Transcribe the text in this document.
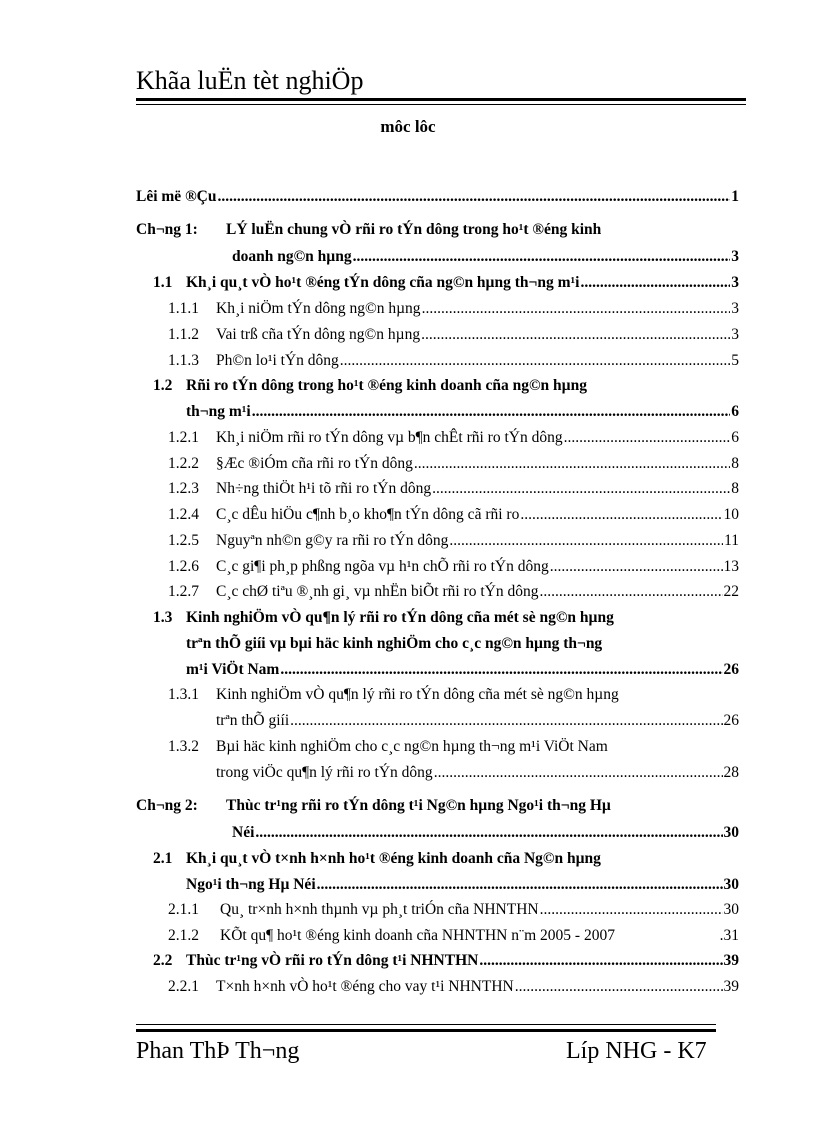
Khãa luËn tèt nghiÖp
môc lôc
Lêi më ®Çu .....	1
Ch¬ng 1:	LÝ luËn chung vÒ rñi ro tÝn dông trong ho¹t ®éng kinh
doanh ng©n hµng .....	3
1.1 Kh¸i qu¸t vÒ ho¹t ®éng tÝn dông cña ng©n hµng th¬ng m¹i .....	3
1.1.1	Kh¸i niÖm tÝn dông ng©n hµng .....	3
1.1.2	Vai trß cña tÝn dông ng©n hµng .....	3
1.1.3	Ph©n lo¹i tÝn dông .....	5
1.2 Rñi ro tÝn dông trong ho¹t ®éng kinh doanh cña ng©n hµng
th¬ng m¹i .....	6
1.2.1	Kh¸i niÖm rñi ro tÝn dông vµ b¶n chÊt rñi ro tÝn dông .....	6
1.2.2	§Æc ®iÓm cña rñi ro tÝn dông .....	8
1.2.3	Nh÷ng thiÖt h¹i tõ rñi ro tÝn dông .....	8
1.2.4	C¸c dÊu hiÖu c¶nh b¸o kho¶n tÝn dông cã rñi ro .....	10
1.2.5	Nguyªn nh©n g©y ra rñi ro tÝn dông .....	11
1.2.6	C¸c gi¶i ph¸p phßng ngõa vµ h¹n chÕ rñi ro tÝn dông .....	13
1.2.7	C¸c chØ tiªu ®¸nh gi¸ vµ nhËn biÕt rñi ro tÝn dông .....	22
1.3 Kinh nghiÖm vÒ qu¶n lý rñi ro tÝn dông cña mét sè ng©n hµng
trªn thÕ giíi vµ bµi häc kinh nghiÖm cho c¸c ng©n hµng th¬ng
m¹i ViÖt Nam .....	26
1.3.1	Kinh nghiÖm vÒ qu¶n lý rñi ro tÝn dông cña mét sè ng©n hµng
trªn thÕ giíi .....	26
1.3.2	Bµi häc kinh nghiÖm cho c¸c ng©n hµng th¬ng m¹i ViÖt Nam
trong viÖc qu¶n lý rñi ro tÝn dông .....	28
Ch¬ng 2:	Thùc tr¹ng rñi ro tÝn dông t¹i Ng©n hµng Ngo¹i th¬ng Hµ
Néi .....	30
2.1 Kh¸i qu¸t vÒ t×nh h×nh ho¹t ®éng kinh doanh cña Ng©n hµng
Ngo¹i th¬ng Hµ Néi .....	30
2.1.1	Qu¸ tr×nh h×nh thµnh vµ ph¸t triÓn cña NHNTHN .....	30
2.1.2	KÕt qu¶ ho¹t ®éng kinh doanh cña NHNTHN n¨m 2005 - 2007	.31
2.2 Thùc tr¹ng vÒ rñi ro tÝn dông t¹i NHNTHN .....	39
2.2.1	T×nh h×nh vÒ ho¹t ®éng cho vay t¹i NHNTHN .....	39
Phan ThÞ Th¬ng	Líp NHG - K7
